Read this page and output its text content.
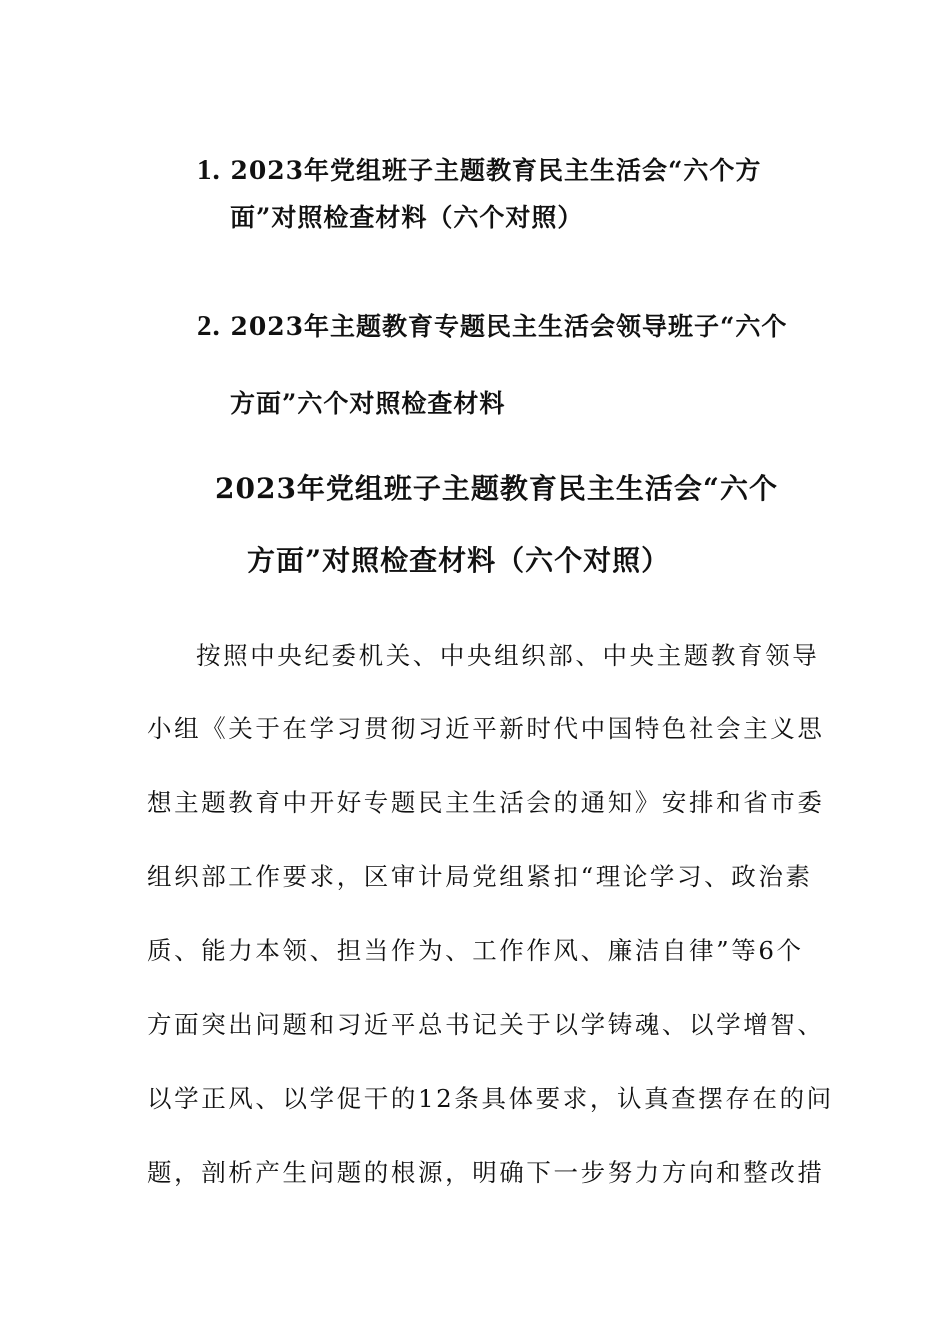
1. 2023年党组班子主题教育民主生活会“六个方
面”对照检查材料（六个对照）
2. 2023年主题教育专题民主生活会领导班子“六个
方面”六个对照检查材料
2023年党组班子主题教育民主生活会“六个
方面”对照检查材料（六个对照）
按照中央纪委机关、中央组织部、中央主题教育领导
小组《关于在学习贯彻习近平新时代中国特色社会主义思
想主题教育中开好专题民主生活会的通知》安排和省市委
组织部工作要求，区审计局党组紧扣“理论学习、政治素
质、能力本领、担当作为、工作作风、廉洁自律”等6个
方面突出问题和习近平总书记关于以学铸魂、以学增智、
以学正风、以学促干的12条具体要求，认真查摆存在的问
题，剖析产生问题的根源，明确下一步努力方向和整改措
